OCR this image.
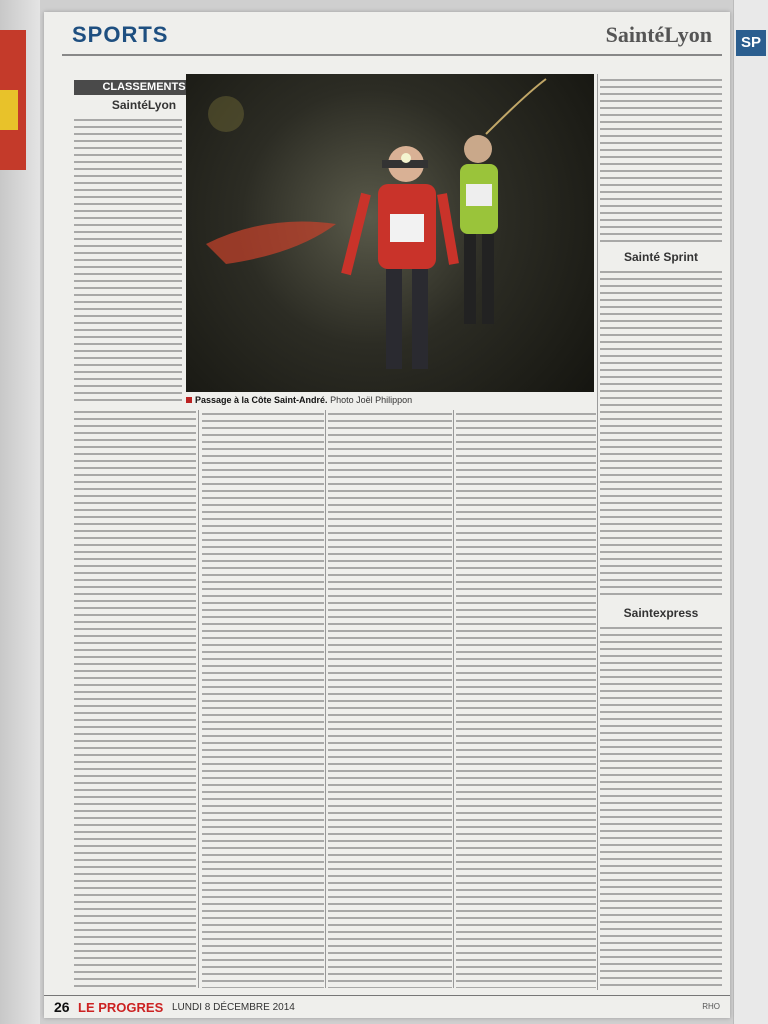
SP
SPORTS	SaintéLyon
CLASSEMENTS
SaintéLyon
Sainté Sprint
Saintexpress
Passage à la Côte Saint-André. Photo Joël Philippon
26 LE PROGRES LUNDI 8 DÉCEMBRE 2014	RHO
